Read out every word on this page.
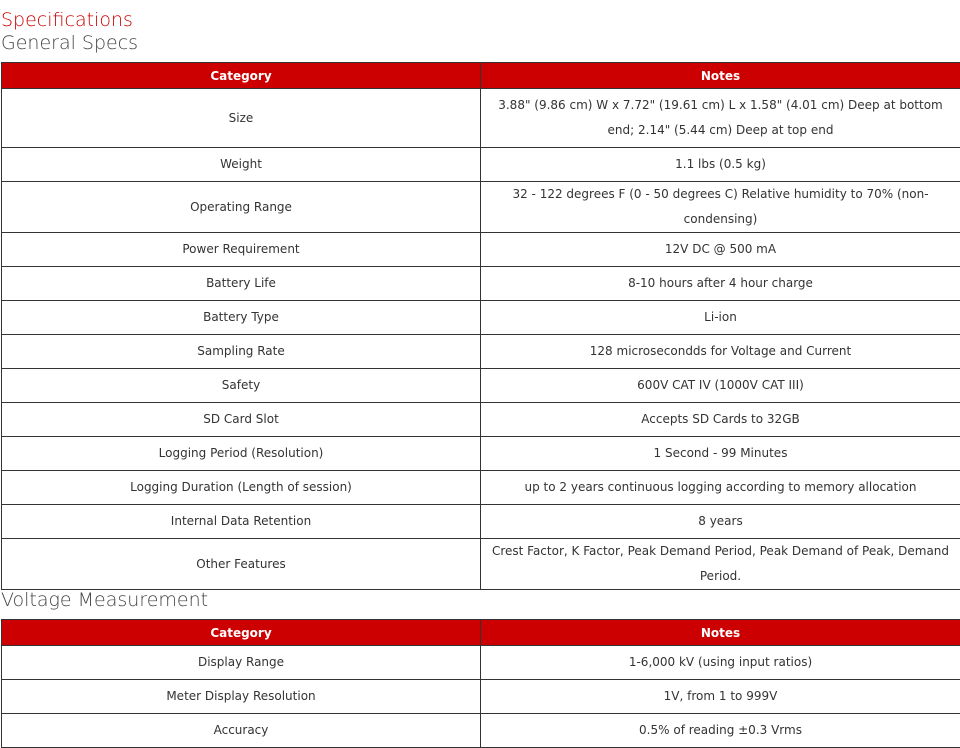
Specifications
General Specs
Category	Notes
Size	3.88" (9.86 cm) W x 7.72" (19.61 cm) L x 1.58" (4.01 cm) Deep at bottom end; 2.14" (5.44 cm) Deep at top end
Weight	1.1 lbs (0.5 kg)
Operating Range	32 - 122 degrees F (0 - 50 degrees C) Relative humidity to 70% (non-condensing)
Power Requirement	12V DC @ 500 mA
Battery Life	8-10 hours after 4 hour charge
Battery Type	Li-ion
Sampling Rate	128 microsecondds for Voltage and Current
Safety	600V CAT IV (1000V CAT III)
SD Card Slot	Accepts SD Cards to 32GB
Logging Period (Resolution)	1 Second - 99 Minutes
Logging Duration (Length of session)	up to 2 years continuous logging according to memory allocation
Internal Data Retention	8 years
Other Features	Crest Factor, K Factor, Peak Demand Period, Peak Demand of Peak, Demand Period.
Voltage Measurement
Category	Notes
Display Range	1-6,000 kV (using input ratios)
Meter Display Resolution	1V, from 1 to 999V
Accuracy	0.5% of reading ±0.3 Vrms
